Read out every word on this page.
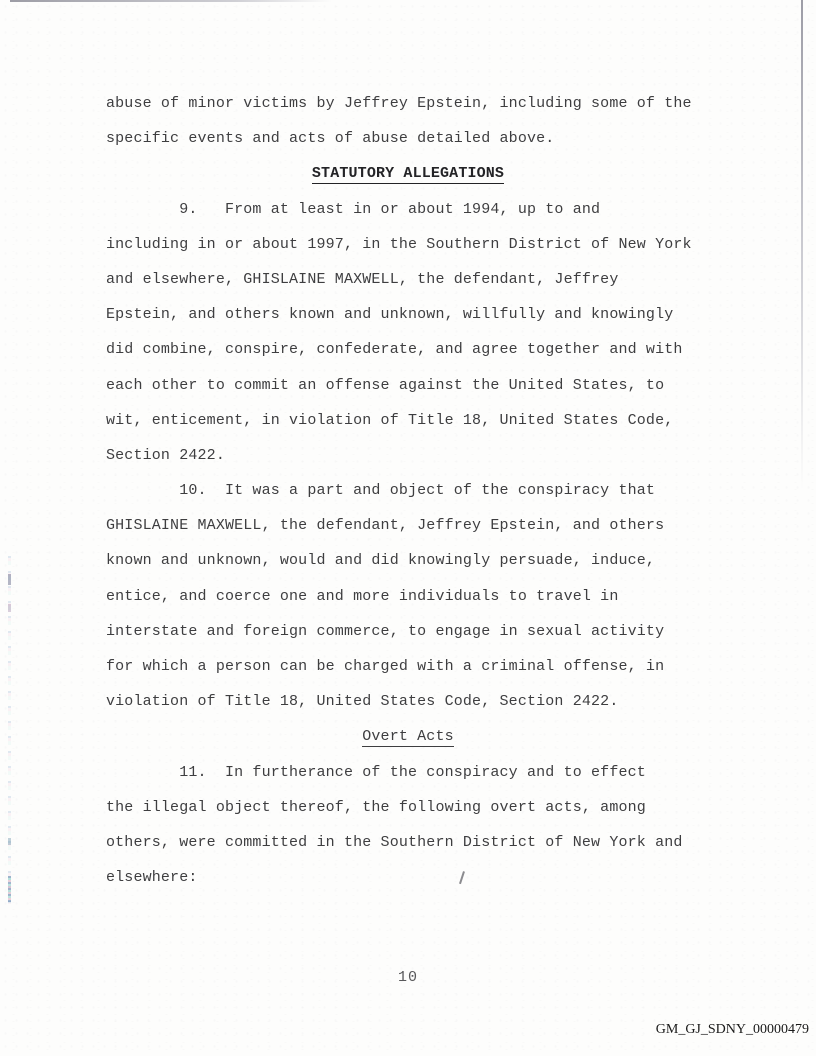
abuse of minor victims by Jeffrey Epstein, including some of the
specific events and acts of abuse detailed above.
STATUTORY ALLEGATIONS
9.   From at least in or about 1994, up to and
including in or about 1997, in the Southern District of New York
and elsewhere, GHISLAINE MAXWELL, the defendant, Jeffrey
Epstein, and others known and unknown, willfully and knowingly
did combine, conspire, confederate, and agree together and with
each other to commit an offense against the United States, to
wit, enticement, in violation of Title 18, United States Code,
Section 2422.
10.  It was a part and object of the conspiracy that
GHISLAINE MAXWELL, the defendant, Jeffrey Epstein, and others
known and unknown, would and did knowingly persuade, induce,
entice, and coerce one and more individuals to travel in
interstate and foreign commerce, to engage in sexual activity
for which a person can be charged with a criminal offense, in
violation of Title 18, United States Code, Section 2422.
Overt Acts
11.  In furtherance of the conspiracy and to effect
the illegal object thereof, the following overt acts, among
others, were committed in the Southern District of New York and
elsewhere:
10
GM_GJ_SDNY_00000479
